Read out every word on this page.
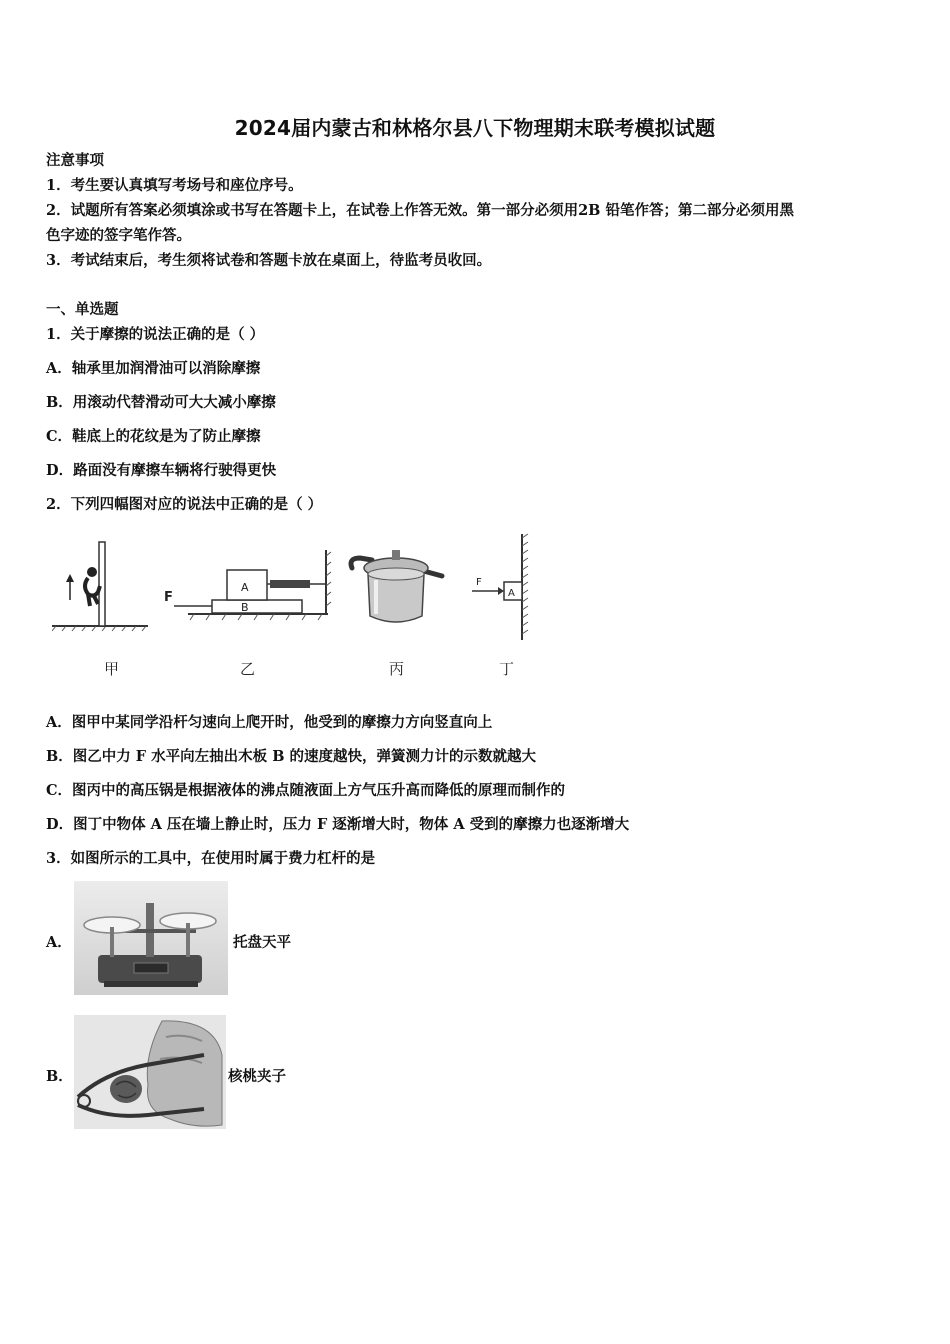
2024届内蒙古和林格尔县八下物理期末联考模拟试题
注意事项
1．考生要认真填写考场号和座位序号。
2．试题所有答案必须填涂或书写在答题卡上，在试卷上作答无效。第一部分必须用2B 铅笔作答；第二部分必须用黑
色字迹的签字笔作答。
3．考试结束后，考生须将试卷和答题卡放在桌面上，待监考员收回。
一、单选题
1．关于摩擦的说法正确的是（ ）
A．轴承里加润滑油可以消除摩擦
B．用滚动代替滑动可大大减小摩擦
C．鞋底上的花纹是为了防止摩擦
D．路面没有摩擦车辆将行驶得更快
2．下列四幅图对应的说法中正确的是（ ）
A
B
F	A
F
甲	乙	丙	丁
A．图甲中某同学沿杆匀速向上爬开时，他受到的摩擦力方向竖直向上
B．图乙中力 F 水平向左抽出木板 B 的速度越快，弹簧测力计的示数就越大
C．图丙中的高压锅是根据液体的沸点随液面上方气压升高而降低的原理而制作的
D．图丁中物体 A 压在墙上静止时，压力 F 逐渐增大时，物体 A 受到的摩擦力也逐渐增大
3．如图所示的工具中，在使用时属于费力杠杆的是
A．	托盘天平
B．	核桃夹子
